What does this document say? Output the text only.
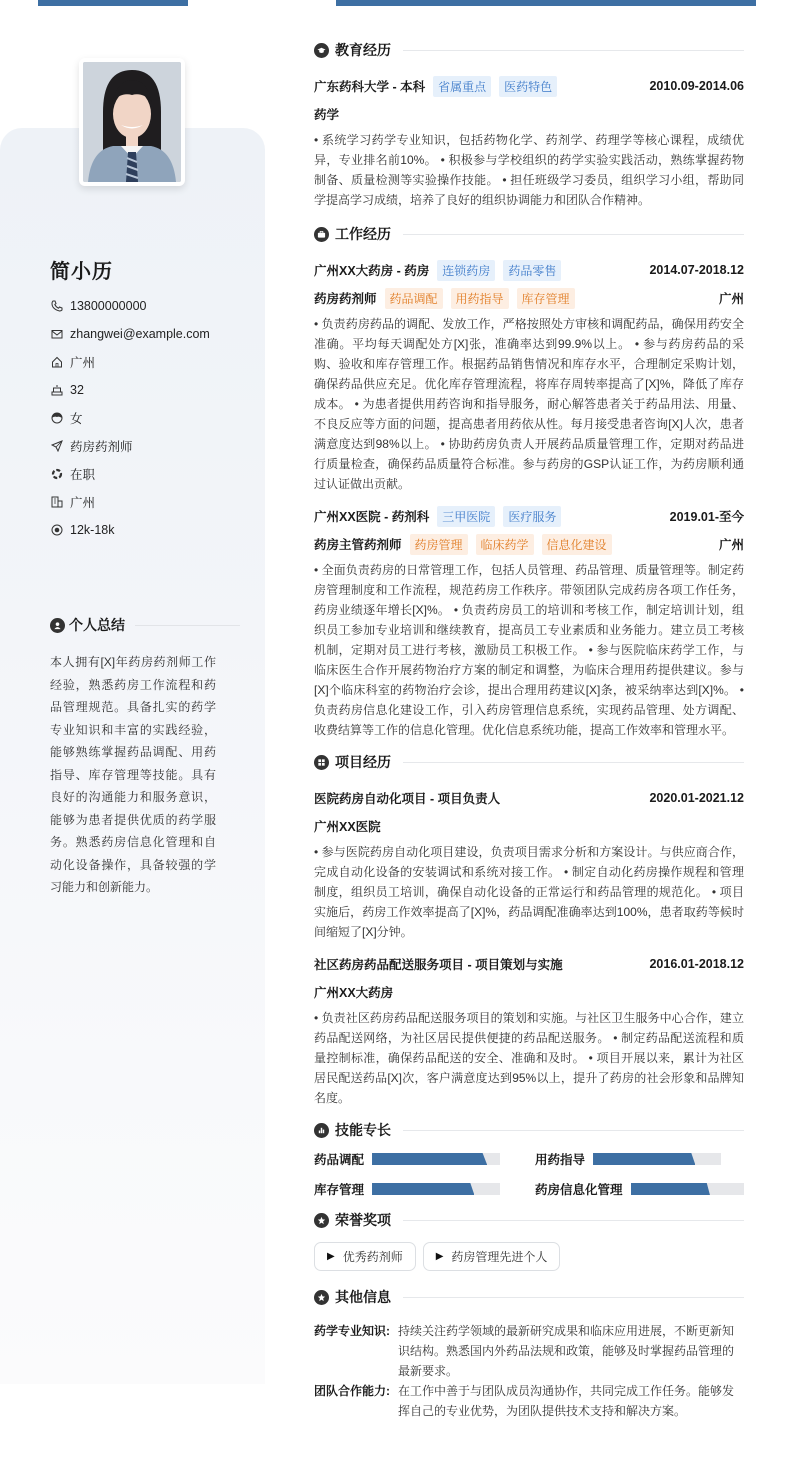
简小历
13800000000
zhangwei@example.com
广州
32
女
药房药剂师
在职
广州
12k-18k
个人总结
本人拥有[X]年药房药剂师工作经验，熟悉药房工作流程和药品管理规范。具备扎实的药学专业知识和丰富的实践经验，能够熟练掌握药品调配、用药指导、库存管理等技能。具有良好的沟通能力和服务意识，能够为患者提供优质的药学服务。熟悉药房信息化管理和自动化设备操作，具备较强的学习能力和创新能力。
教育经历
广东药科大学 - 本科	省属重点	医药特色	2010.09-2014.06
药学
• 系统学习药学专业知识，包括药物化学、药剂学、药理学等核心课程，成绩优异，专业排名前10%。 • 积极参与学校组织的药学实验实践活动，熟练掌握药物制备、质量检测等实验操作技能。 • 担任班级学习委员，组织学习小组，帮助同学提高学习成绩，培养了良好的组织协调能力和团队合作精神。
工作经历
广州XX大药房 - 药房	连锁药房	药品零售	2014.07-2018.12
药房药剂师	药品调配	用药指导	库存管理	广州
• 负责药房药品的调配、发放工作，严格按照处方审核和调配药品，确保用药安全准确。平均每天调配处方[X]张，准确率达到99.9%以上。 • 参与药房药品的采购、验收和库存管理工作。根据药品销售情况和库存水平，合理制定采购计划，确保药品供应充足。优化库存管理流程，将库存周转率提高了[X]%，降低了库存成本。 • 为患者提供用药咨询和指导服务，耐心解答患者关于药品用法、用量、不良反应等方面的问题，提高患者用药依从性。每月接受患者咨询[X]人次，患者满意度达到98%以上。 • 协助药房负责人开展药品质量管理工作，定期对药品进行质量检查，确保药品质量符合标准。参与药房的GSP认证工作，为药房顺利通过认证做出贡献。
广州XX医院 - 药剂科	三甲医院	医疗服务	2019.01-至今
药房主管药剂师	药房管理	临床药学	信息化建设	广州
• 全面负责药房的日常管理工作，包括人员管理、药品管理、质量管理等。制定药房管理制度和工作流程，规范药房工作秩序。带领团队完成药房各项工作任务，药房业绩逐年增长[X]%。 • 负责药房员工的培训和考核工作，制定培训计划，组织员工参加专业培训和继续教育，提高员工专业素质和业务能力。建立员工考核机制，定期对员工进行考核，激励员工积极工作。 • 参与医院临床药学工作，与临床医生合作开展药物治疗方案的制定和调整，为临床合理用药提供建议。参与[X]个临床科室的药物治疗会诊，提出合理用药建议[X]条，被采纳率达到[X]%。 • 负责药房信息化建设工作，引入药房管理信息系统，实现药品管理、处方调配、收费结算等工作的信息化管理。优化信息系统功能，提高工作效率和管理水平。
项目经历
医院药房自动化项目 - 项目负责人	2020.01-2021.12
广州XX医院
• 参与医院药房自动化项目建设，负责项目需求分析和方案设计。与供应商合作，完成自动化设备的安装调试和系统对接工作。 • 制定自动化药房操作规程和管理制度，组织员工培训，确保自动化设备的正常运行和药品管理的规范化。 • 项目实施后，药房工作效率提高了[X]%，药品调配准确率达到100%，患者取药等候时间缩短了[X]分钟。
社区药房药品配送服务项目 - 项目策划与实施	2016.01-2018.12
广州XX大药房
• 负责社区药房药品配送服务项目的策划和实施。与社区卫生服务中心合作，建立药品配送网络，为社区居民提供便捷的药品配送服务。 • 制定药品配送流程和质量控制标准，确保药品配送的安全、准确和及时。 • 项目开展以来，累计为社区居民配送药品[X]次，客户满意度达到95%以上，提升了药房的社会形象和品牌知名度。
技能专长
药品调配	用药指导
库存管理	药房信息化管理
荣誉奖项
▶ 优秀药剂师	▶ 药房管理先进个人
其他信息
药学专业知识: 持续关注药学领域的最新研究成果和临床应用进展，不断更新知识结构。熟悉国内外药品法规和政策，能够及时掌握药品管理的最新要求。
团队合作能力: 在工作中善于与团队成员沟通协作，共同完成工作任务。能够发挥自己的专业优势，为团队提供技术支持和解决方案。
